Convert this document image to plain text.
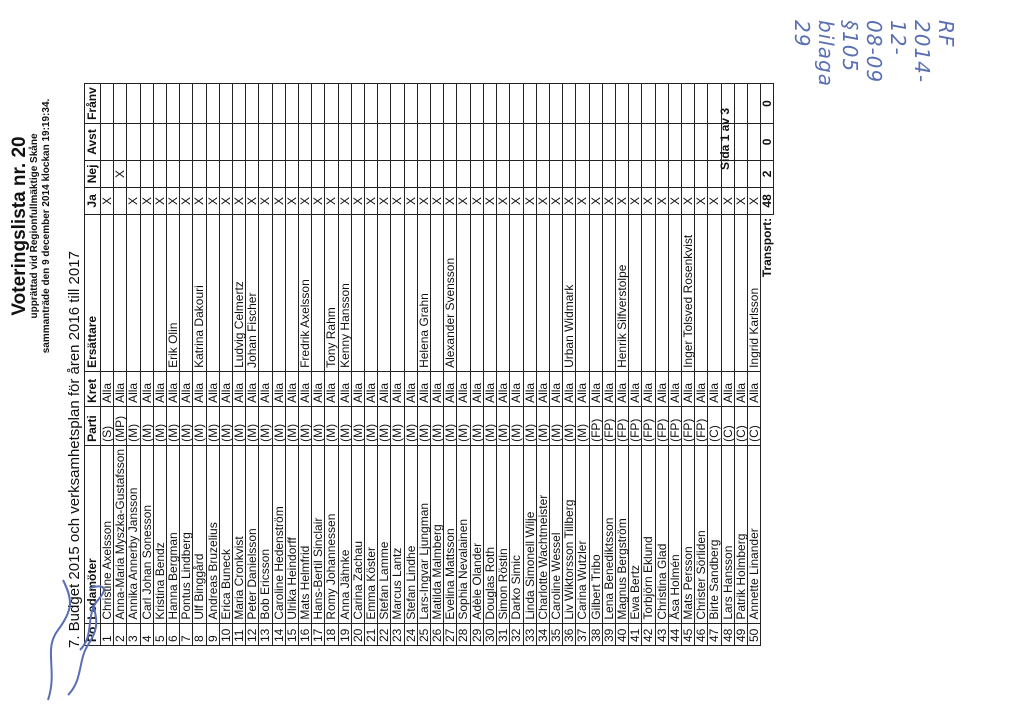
Voteringslista nr. 20 upprättad vid Regionfullmäktige Skåne sammanträde den 9 december 2014 klockan 19:19:34.
7. Budget 2015 och verksamhetsplan för åren 2016 till 2017 Po	Ledamöter	Parti	Kret	Ersättare	Ja	Nej	Avst	Frånv
1	Christine Axelsson	(S)	Alla		X			
2	Anna-Maria Myszka-Gustafsson	(MP)	Alla			X		
3	Annika Annerby Jansson	(M)	Alla		X			
4	Carl Johan Sonesson	(M)	Alla		X			
5	Kristina Bendz	(M)	Alla		X			
6	Hanna Bergman	(M)	Alla	Erik Olin	X			
7	Pontus Lindberg	(M)	Alla		X			
8	Ulf Binggård	(M)	Alla	Katrina Dakouri	X			
9	Andreas Bruzelius	(M)	Alla		X			
10	Erica Buneck	(M)	Alla		X			
11	Maria Cronkvist	(M)	Alla	Ludvig Celmertz	X			
12	Peter Danielsson	(M)	Alla	Johan Fischer	X			
13	Bob Ericsson	(M)	Alla		X			
14	Caroline Hedenström	(M)	Alla		X			
15	Ulrika Heindorff	(M)	Alla		X			
16	Mats Helmfrid	(M)	Alla	Fredrik Axelsson	X			
17	Hans-Bertil Sinclair	(M)	Alla		X			
18	Romy Johannessen	(M)	Alla	Tony Rahm	X			
19	Anna Jähnke	(M)	Alla	Kenny Hansson	X			
20	Carina Zachau	(M)	Alla		X			
21	Emma Köster	(M)	Alla		X			
22	Stefan Lamme	(M)	Alla		X			
23	Marcus Lantz	(M)	Alla		X			
24	Stefan Lindhe	(M)	Alla		X			
25	Lars-Ingvar Ljungman	(M)	Alla	Helena Grahn	X			
26	Matilda Malmberg	(M)	Alla		X			
27	Evelina Mattsson	(M)	Alla	Alexander Svensson	X			
28	Sophia Nevalainen	(M)	Alla		X			
29	Adèle Olander	(M)	Alla		X			
30	Douglas Roth	(M)	Alla		X			
31	Simon Röstin	(M)	Alla		X			
32	Darko Simic	(M)	Alla		X			
33	Linda Simonell Wilje	(M)	Alla		X			
34	Charlotte Wachtmeister	(M)	Alla		X			
35	Caroline Wessel	(M)	Alla		X			
36	Liv Wiktorsson Tillberg	(M)	Alla	Urban Widmark	X			
37	Carina Wutzler	(M)	Alla		X			
38	Gilbert Tribo	(FP)	Alla		X			
39	Lena Benediktsson	(FP)	Alla		X			
40	Magnus Bergström	(FP)	Alla	Henrik Silfverstolpe	X			
41	Ewa Bertz	(FP)	Alla		X			
42	Torbjörn Eklund	(FP)	Alla		X			
43	Christina Glad	(FP)	Alla		X			
44	Åsa Holmén	(FP)	Alla		X			
45	Mats Persson	(FP)	Alla	Inger Tolsved Rosenkvist	X			
46	Christer Sörliden	(FP)	Alla		X			
47	Birte Sandberg	(C)	Alla		X			
48	Lars Hansson	(C)	Alla		X			
49	Patrik Holmberg	(C)	Alla		X			
50	Annette Linander	(C)	Alla	Ingrid Karlsson	X			
Transport:					48	2	0	0
Sida 1 av 3
RF 2014-12-08-09 §105 bilaga 29
